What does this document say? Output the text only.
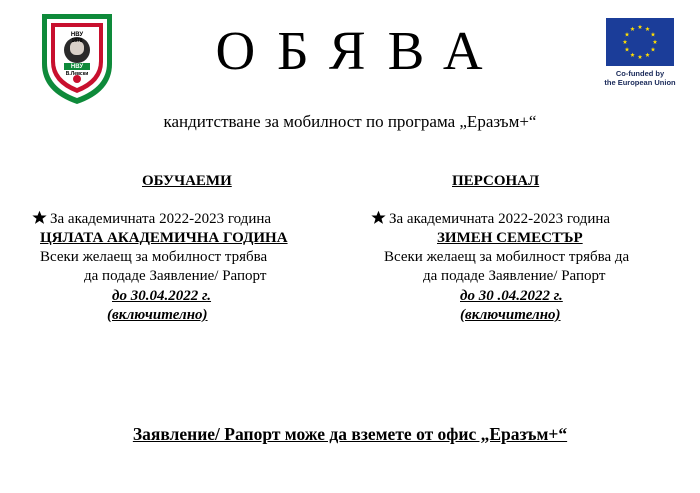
НВУ
1878
НВУ
В.Левски	Co-funded by
the European Union
ОБЯВА
кандитстване за мобилност по програма „Еразъм+“
ОБУЧАЕМИ
За академичната 2022-2023 година
ЦЯЛАТА АКАДЕМИЧНА ГОДИНА
Всеки желаещ за мобилност трябва
да подаде Заявление/ Рапорт
до 30.04.2022 г.
(включително)
ПЕРСОНАЛ
За академичната 2022-2023 година
ЗИМЕН СЕМЕСТЪР
Всеки желаещ за мобилност трябва да
да подаде Заявление/ Рапорт
до 30 .04.2022 г.
(включително)
Заявление/ Рапорт може да вземете от офис „Еразъм+“
